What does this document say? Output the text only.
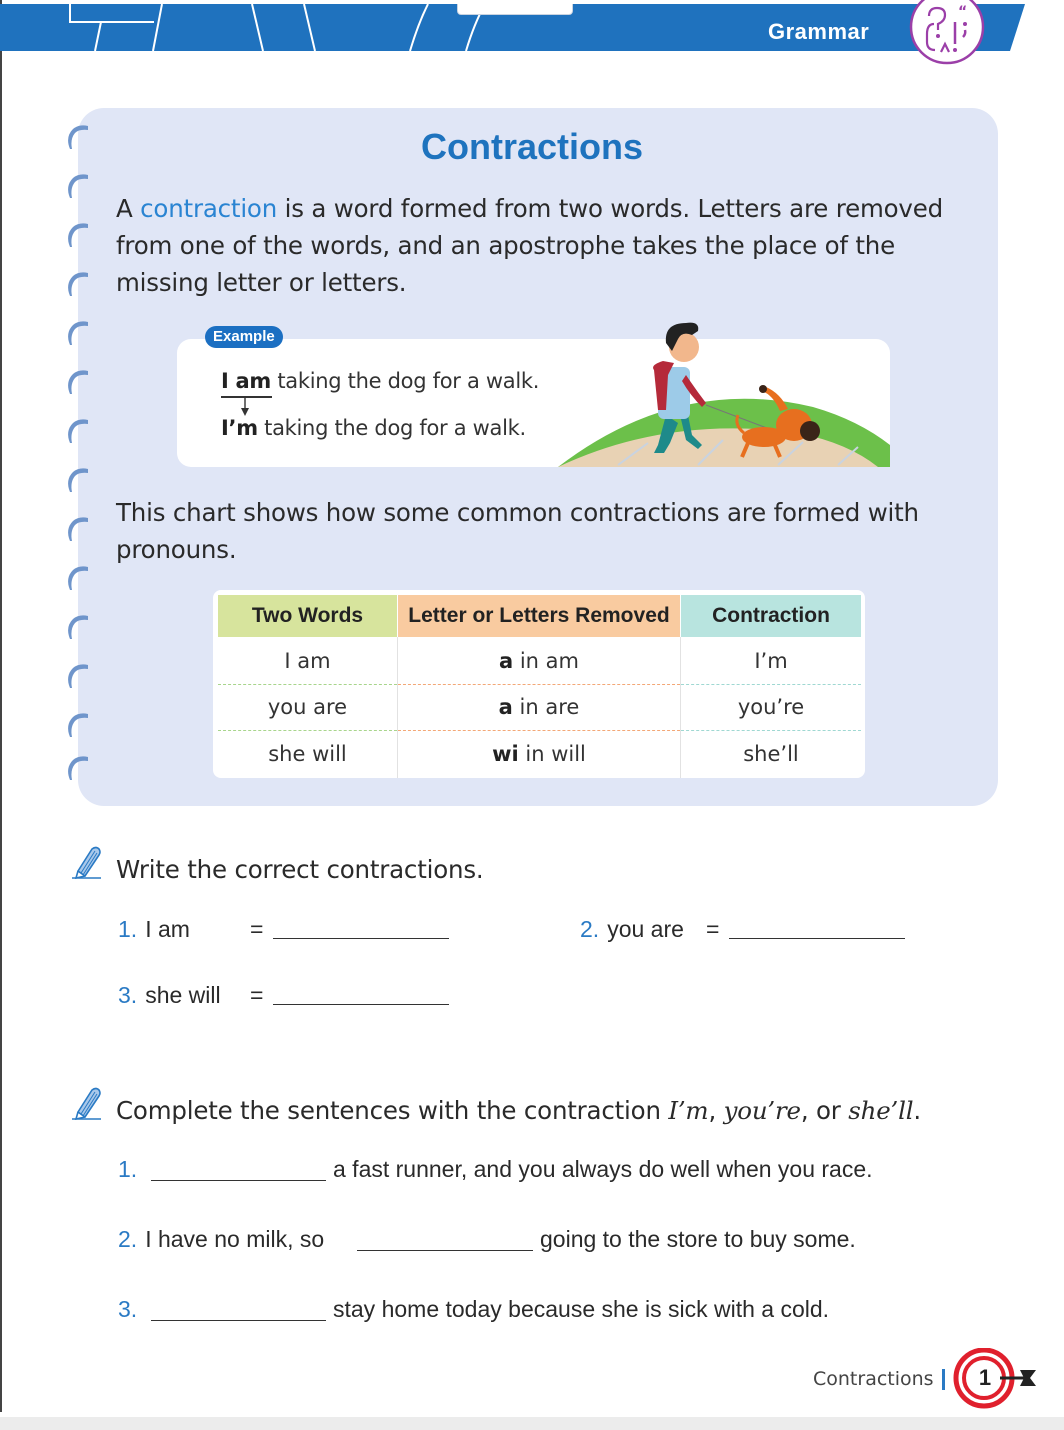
Grammar
“
Contractions
A contraction is a word formed from two words. Letters are removed from one of the words, and an apostrophe takes the place of the missing letter or letters.
Example
I am taking the dog for a walk.
I’m taking the dog for a walk.
This chart shows how some common contractions are formed with pronouns.
Two Words	Letter or Letters Removed	Contraction
I am	a in am	I’m
you are	a in are	you’re
she will	wi in will	she’ll
Write the correct contractions.
1. I am	=	2. you are =
3. she will =
Complete the sentences with the contraction I’m, you’re, or she’ll.
1.	a fast runner, and you always do well when you race.
2. I have no milk, so	going to the store to buy some.
3.	stay home today because she is sick with a cold.
Contractions	1
